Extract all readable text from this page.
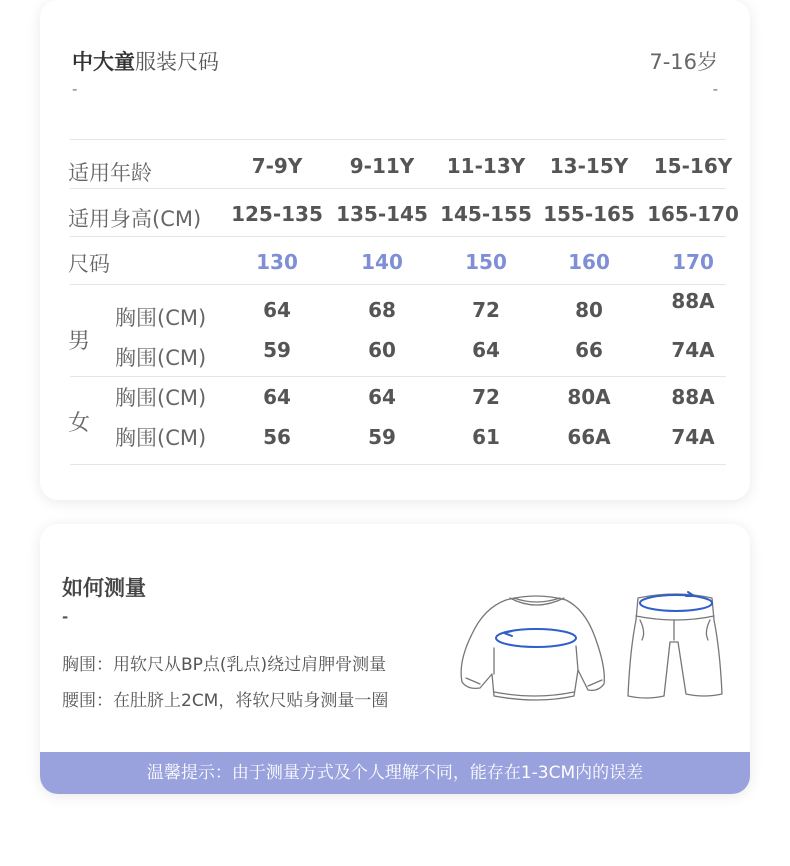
中大童服装尺码
-
7-16岁
-
适用年龄	7-9Y	9-11Y	11-13Y	13-15Y	15-16Y
适用身高(CM)	125-135 135-145 145-155 155-165 165-170
尺码	130	140	150	160	170
男
胸围(CM)	64	68	72	80	88A
胸围(CM)	59	60	64	66	74A
女
胸围(CM)	64	64	72	80A	88A
胸围(CM)	56	59	61	66A	74A
如何测量
-
胸围：用软尺从BP点(乳点)绕过肩胛骨测量
腰围：在肚脐上2CM，将软尺贴身测量一圈
温馨提示：由于测量方式及个人理解不同，能存在1-3CM内的误差
